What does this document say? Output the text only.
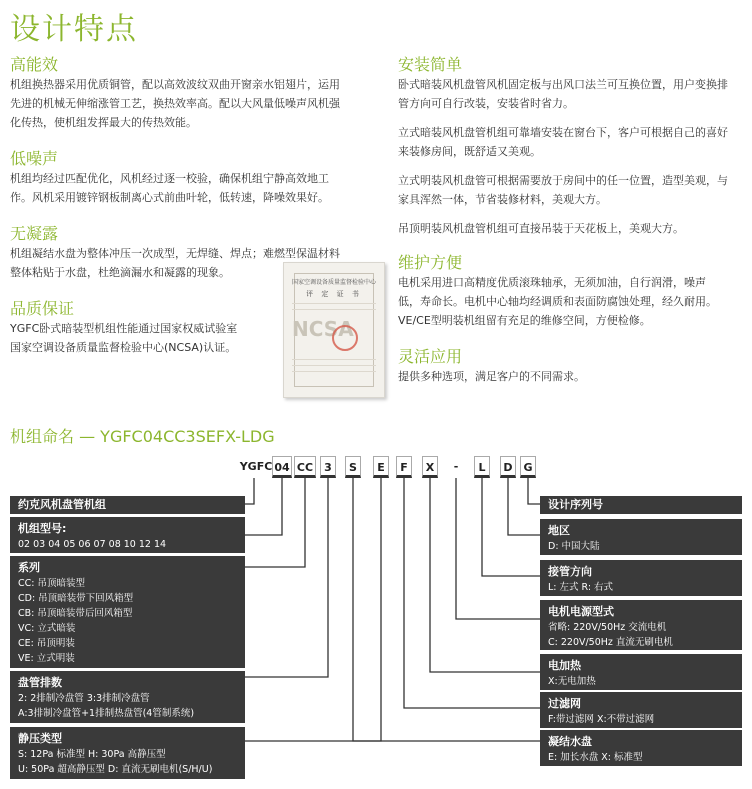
设计特点
高能效
机组换热器采用优质铜管，配以高效波纹双曲开窗亲水铝翅片，运用
先进的机械无伸缩涨管工艺，换热效率高。配以大风量低噪声风机强
化传热，使机组发挥最大的传热效能。
低噪声
机组均经过匹配优化，风机经过逐一校验，确保机组宁静高效地工
作。风机采用镀锌钢板制离心式前曲叶轮，低转速，降噪效果好。
无凝露
机组凝结水盘为整体冲压一次成型，无焊缝、焊点；难燃型保温材料
整体粘贴于水盘，杜绝滴漏水和凝露的现象。
品质保证
YGFC卧式暗装型机组性能通过国家权威试验室
国家空调设备质量监督检验中心(NCSA)认证。
国家空调设备质量监督检验中心
评 定 证 书
NCSA
安装简单
卧式暗装风机盘管风机固定板与出风口法兰可互换位置，用户变换排
管方向可自行改装，安装省时省力。
立式暗装风机盘管机组可靠墙安装在窗台下，客户可根据自己的喜好
来装修房间，既舒适又美观。
立式明装风机盘管可根据需要放于房间中的任一位置，造型美观，与
家具浑然一体，节省装修材料，美观大方。
吊顶明装风机盘管机组可直接吊装于天花板上，美观大方。
维护方便
电机采用进口高精度优质滚珠轴承，无须加油，自行润滑，噪声
低，寿命长。电机中心轴均经调质和表面防腐蚀处理，经久耐用。
VE/CE型明装机组留有充足的维修空间，方便检修。
灵活应用
提供多种选项，满足客户的不同需求。
机组命名 — YGFC04CC3SEFX-LDG
YGFC 04 CC	3	S	E	F	X	-	L	D G
约克风机盘管机组
机组型号:
02 03 04 05 06 07 08 10 12 14
系列
CC: 吊顶暗装型
CD: 吊顶暗装带下回风箱型
CB: 吊顶暗装带后回风箱型
VC: 立式暗装
CE: 吊顶明装
VE: 立式明装
盘管排数
2: 2排制冷盘管 3:3排制冷盘管
A:3排制冷盘管+1排制热盘管(4管制系统)
静压类型
S: 12Pa 标准型 H: 30Pa 高静压型
U: 50Pa 超高静压型 D: 直流无刷电机(S/H/U)
设计序列号
地区
D: 中国大陆
接管方向
L: 左式 R: 右式
电机电源型式
省略: 220V/50Hz 交流电机
C: 220V/50Hz 直流无刷电机
电加热
X:无电加热
过滤网
F:带过滤网 X:不带过滤网
凝结水盘
E: 加长水盘 X: 标准型
